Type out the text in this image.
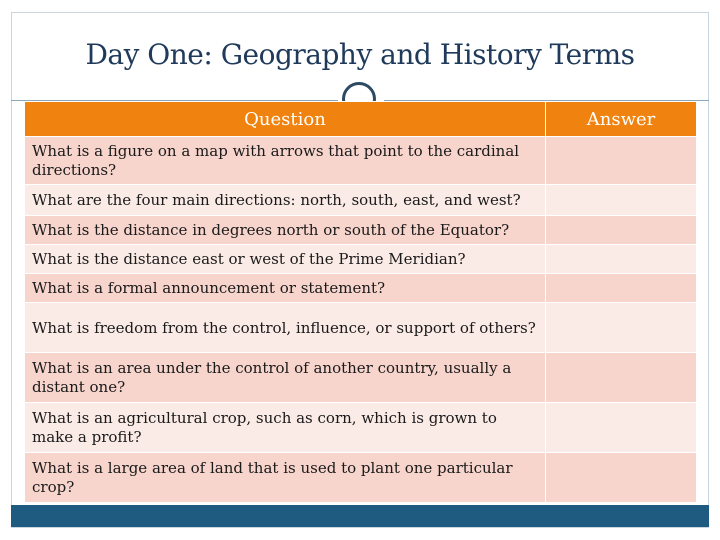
Day One: Geography and History Terms
Question	Answer
What is a figure on a map with arrows that point to the cardinal directions?	
What are the four main directions: north, south, east, and west?	
What is the distance in degrees north or south of the Equator?	
What is the distance east or west of the Prime Meridian?	
What is a formal announcement or statement?	
What is freedom from the control, influence, or support of others?	
What is an area under the control of another country, usually a distant one?	
What is an agricultural crop, such as corn, which is grown to make a profit?	
What is a large area of land that is used to plant one particular crop?	
